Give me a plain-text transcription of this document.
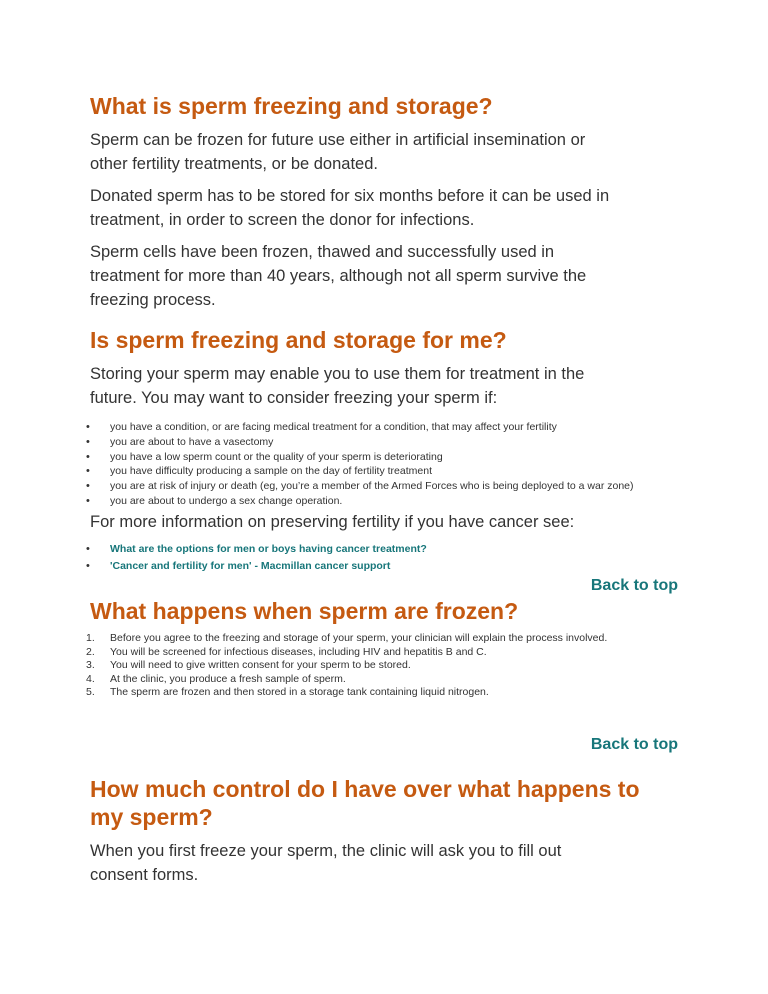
What is sperm freezing and storage?

Sperm can be frozen for future use either in artificial insemination or
other fertility treatments, or be donated.

Donated sperm has to be stored for six months before it can be used in
treatment, in order to screen the donor for infections.

Sperm cells have been frozen, thawed and successfully used in
treatment for more than 40 years, although not all sperm survive the
freezing process.

Is sperm freezing and storage for me?

Storing your sperm may enable you to use them for treatment in the
future. You may want to consider freezing your sperm if:

• you have a condition, or are facing medical treatment for a condition, that may affect your fertility
• you are about to have a vasectomy
• you have a low sperm count or the quality of your sperm is deteriorating
• you have difficulty producing a sample on the day of fertility treatment
• you are at risk of injury or death (eg, you’re a member of the Armed Forces who is being deployed to a war zone)
• you are about to undergo a sex change operation.

For more information on preserving fertility if you have cancer see:

• What are the options for men or boys having cancer treatment?
• 'Cancer and fertility for men' - Macmillan cancer support
Back to top
What happens when sperm are frozen?
1. Before you agree to the freezing and storage of your sperm, your clinician will explain the process involved.
2. You will be screened for infectious diseases, including HIV and hepatitis B and C.
3. You will need to give written consent for your sperm to be stored.
4. At the clinic, you produce a fresh sample of sperm.
5. The sperm are frozen and then stored in a storage tank containing liquid nitrogen.
Back to top
How much control do I have over what happens to
my sperm?

When you first freeze your sperm, the clinic will ask you to fill out
consent forms.
